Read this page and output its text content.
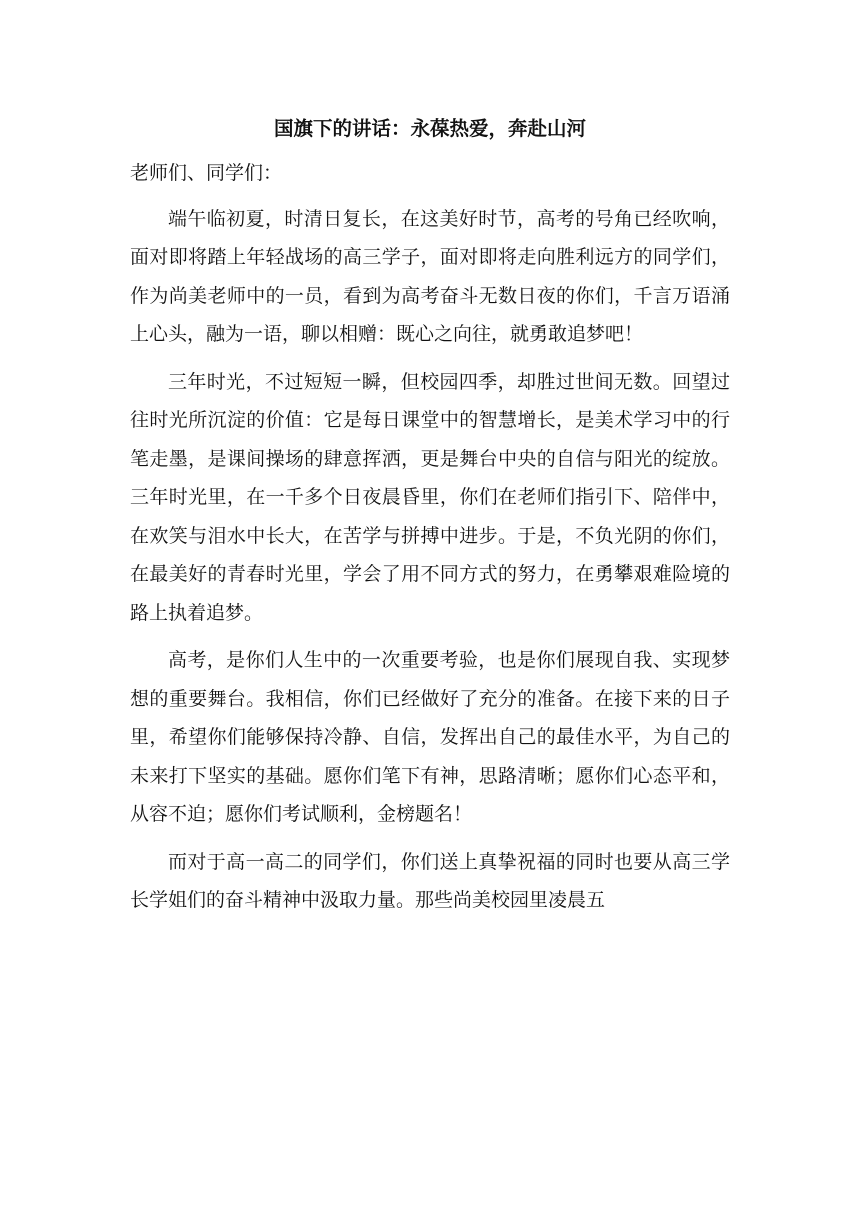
国旗下的讲话：永葆热爱，奔赴山河
老师们、同学们：

端午临初夏，时清日复长，在这美好时节，高考的号角已经吹响，面对即将踏上年轻战场的高三学子，面对即将走向胜利远方的同学们，作为尚美老师中的一员，看到为高考奋斗无数日夜的你们，千言万语涌上心头，融为一语，聊以相赠：既心之向往，就勇敢追梦吧！

三年时光，不过短短一瞬，但校园四季，却胜过世间无数。回望过往时光所沉淀的价值：它是每日课堂中的智慧增长，是美术学习中的行笔走墨，是课间操场的肆意挥洒，更是舞台中央的自信与阳光的绽放。三年时光里，在一千多个日夜晨昏里，你们在老师们指引下、陪伴中，在欢笑与泪水中长大，在苦学与拼搏中进步。于是，不负光阴的你们，在最美好的青春时光里，学会了用不同方式的努力，在勇攀艰难险境的路上执着追梦。

高考，是你们人生中的一次重要考验，也是你们展现自我、实现梦想的重要舞台。我相信，你们已经做好了充分的准备。在接下来的日子里，希望你们能够保持冷静、自信，发挥出自己的最佳水平，为自己的未来打下坚实的基础。愿你们笔下有神，思路清晰；愿你们心态平和，从容不迫；愿你们考试顺利，金榜题名！

而对于高一高二的同学们，你们送上真挚祝福的同时也要从高三学长学姐们的奋斗精神中汲取力量。那些尚美校园里凌晨五
